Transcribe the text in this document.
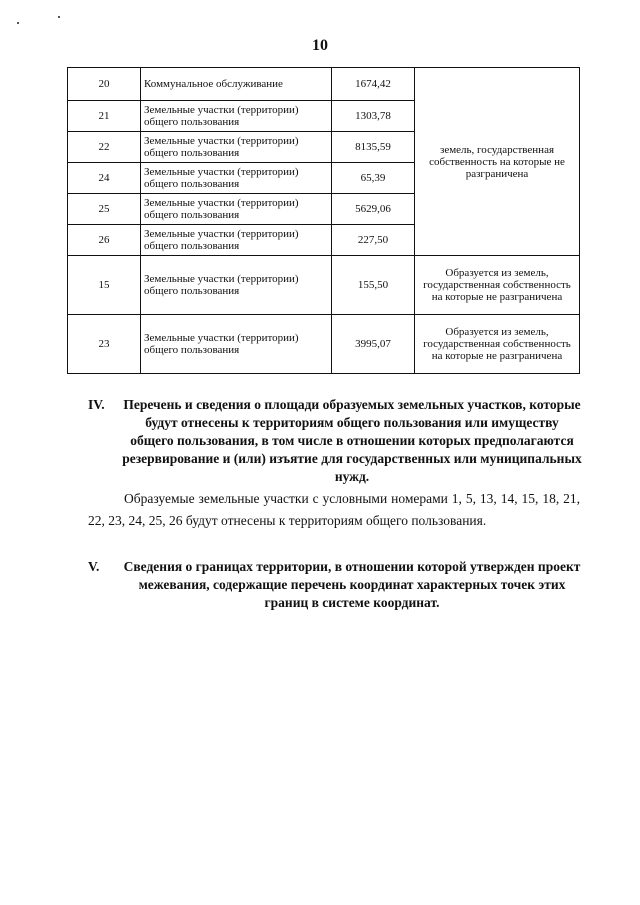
10
20	Коммунальное обслуживание	1674,42	земель, государственная собственность на которые не разграничена
21	Земельные участки (территории) общего пользования	1303,78	
22	Земельные участки (территории) общего пользования	8135,59	
24	Земельные участки (территории) общего пользования	65,39	
25	Земельные участки (территории) общего пользования	5629,06	
26	Земельные участки (территории) общего пользования	227,50	
15	Земельные участки (территории) общего пользования	155,50	Образуется из земель, государственная собственность на которые не разграничена
23	Земельные участки (территории) общего пользования	3995,07	Образуется из земель, государственная собственность на которые не разграничена
IV. Перечень и сведения о площади образуемых земельных участков, которые будут отнесены к территориям общего пользования или имуществу общего пользования, в том числе в отношении которых предполагаются резервирование и (или) изъятие для государственных или муниципальных нужд.
Образуемые земельные участки с условными номерами 1, 5, 13, 14, 15, 18, 21, 22, 23, 24, 25, 26 будут отнесены к территориям общего пользования.
V. Сведения о границах территории, в отношении которой утвержден проект межевания, содержащие перечень координат характерных точек этих границ в системе координат.
